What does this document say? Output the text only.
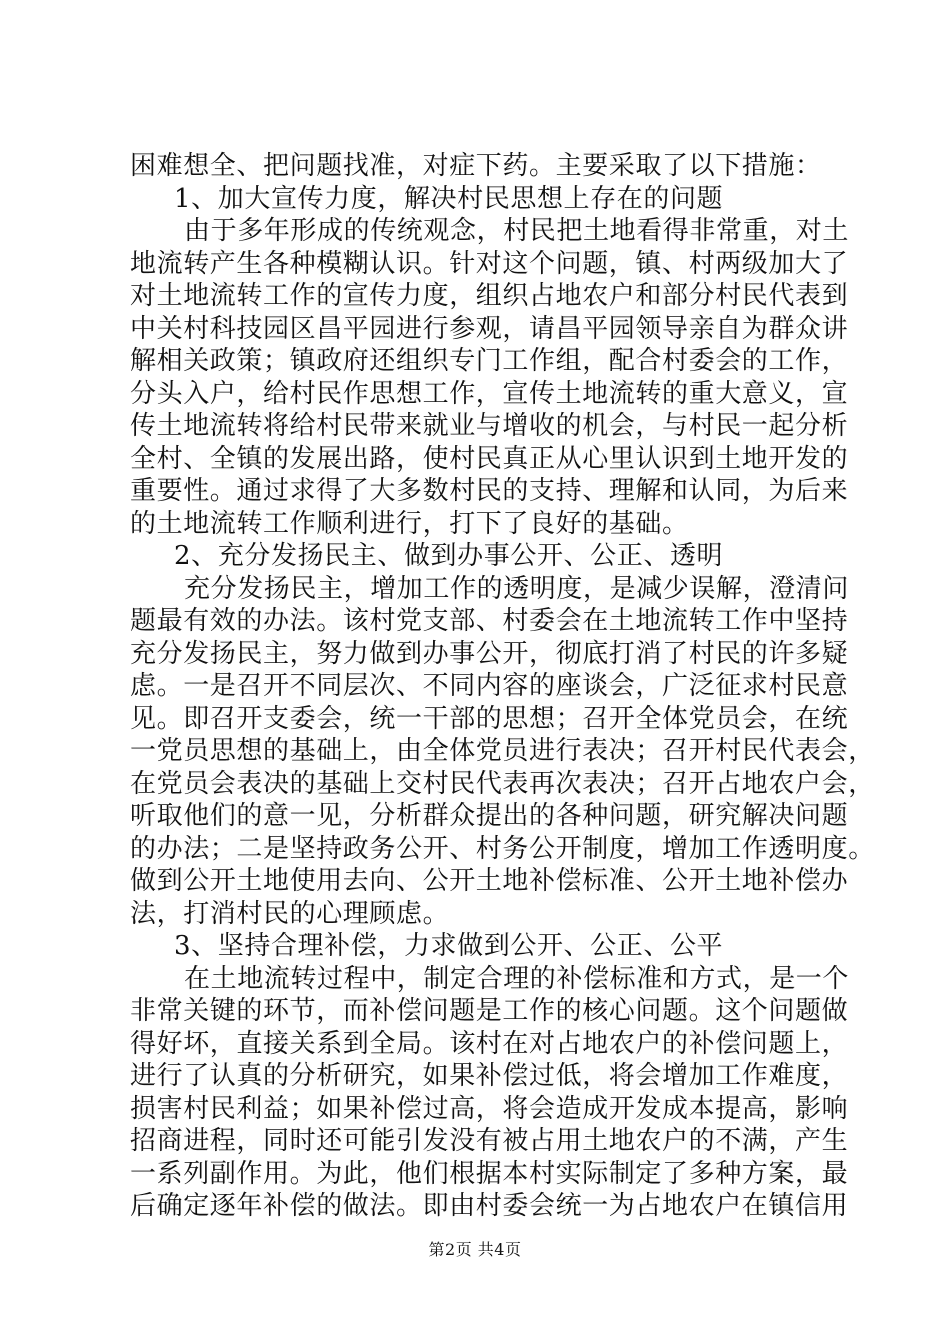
困难想全、把问题找准，对症下药。主要采取了以下措施：
1、加大宣传力度，解决村民思想上存在的问题
由于多年形成的传统观念，村民把土地看得非常重，对土
地流转产生各种模糊认识。针对这个问题，镇、村两级加大了
对土地流转工作的宣传力度，组织占地农户和部分村民代表到
中关村科技园区昌平园进行参观，请昌平园领导亲自为群众讲
解相关政策；镇政府还组织专门工作组，配合村委会的工作，
分头入户，给村民作思想工作，宣传土地流转的重大意义，宣
传土地流转将给村民带来就业与增收的机会，与村民一起分析
全村、全镇的发展出路，使村民真正从心里认识到土地开发的
重要性。通过求得了大多数村民的支持、理解和认同，为后来
的土地流转工作顺利进行，打下了良好的基础。
2、充分发扬民主、做到办事公开、公正、透明
充分发扬民主，增加工作的透明度，是减少误解，澄清问
题最有效的办法。该村党支部、村委会在土地流转工作中坚持
充分发扬民主，努力做到办事公开，彻底打消了村民的许多疑
虑。一是召开不同层次、不同内容的座谈会，广泛征求村民意
见。即召开支委会，统一干部的思想；召开全体党员会，在统
一党员思想的基础上，由全体党员进行表决；召开村民代表会，
在党员会表决的基础上交村民代表再次表决；召开占地农户会，
听取他们的意一见，分析群众提出的各种问题，研究解决问题
的办法；二是坚持政务公开、村务公开制度，增加工作透明度。
做到公开土地使用去向、公开土地补偿标准、公开土地补偿办
法，打消村民的心理顾虑。
3、坚持合理补偿，力求做到公开、公正、公平
在土地流转过程中，制定合理的补偿标准和方式，是一个
非常关键的环节，而补偿问题是工作的核心问题。这个问题做
得好坏，直接关系到全局。该村在对占地农户的补偿问题上，
进行了认真的分析研究，如果补偿过低，将会增加工作难度，
损害村民利益；如果补偿过高，将会造成开发成本提高，影响
招商进程，同时还可能引发没有被占用土地农户的不满，产生
一系列副作用。为此，他们根据本村实际制定了多种方案，最
后确定逐年补偿的做法。即由村委会统一为占地农户在镇信用
第2页 共4页
